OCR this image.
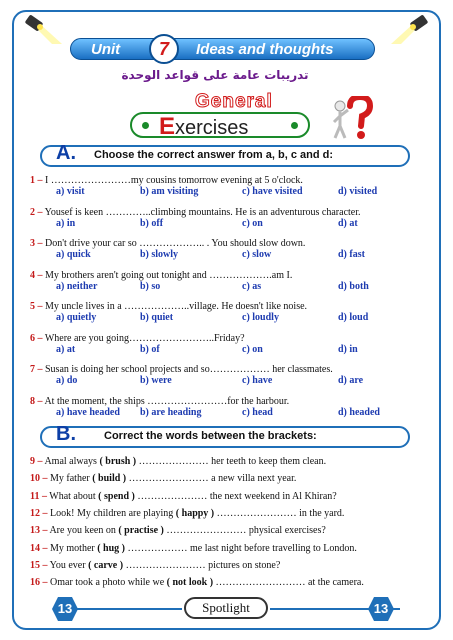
Unit	7	Ideas and thoughts
تدريبات عامة على قواعد الوحدة
General
Exercises
A. Choose the correct answer from a, b, c and d:
1 – I ……………………my cousins tomorrow evening at 5 o'clock.
a) visit	b) am visiting	c) have visited	d) visited
2 – Yousef is keen …………..climbing mountains. He is an adventurous character.
a) in	b) off	c) on	d) at
3 – Don't drive your car so ……………….. . You should slow down.
a) quick	b) slowly	c) slow	d) fast
4 – My brothers aren't going out tonight and ……………….am I.
a) neither	b) so	c) as	d) both
5 – My uncle lives in a ………………..village. He doesn't like noise.
a) quietly	b) quiet	c) loudly	d) loud
6 – Where are you going……………………..Friday?
a) at	b) of	c) on	d) in
7 – Susan is doing her school projects and so……………… her classmates.
a) do	b) were	c) have	d) are
8 – At the moment, the ships ……………………for the harbour.
a) have headed b) are heading	c) head	d) headed
B.	Correct the words between the brackets:
9 – Amal always ( brush ) ………………… her teeth to keep them clean.
10 – My father ( build ) …………………… a new villa next year.
11 – What about ( spend ) ………………… the next weekend in Al Khiran?
12 – Look! My children are playing ( happy ) …………………… in the yard.
13 – Are you keen on ( practise ) …………………… physical exercises?
14 – My mother ( hug ) ……………… me last night before travelling to London.
15 – You ever ( carve ) …………………… pictures on stone?
16 – Omar took a photo while we ( not look ) ……………………… at the camera.
13	Spotlight	13
